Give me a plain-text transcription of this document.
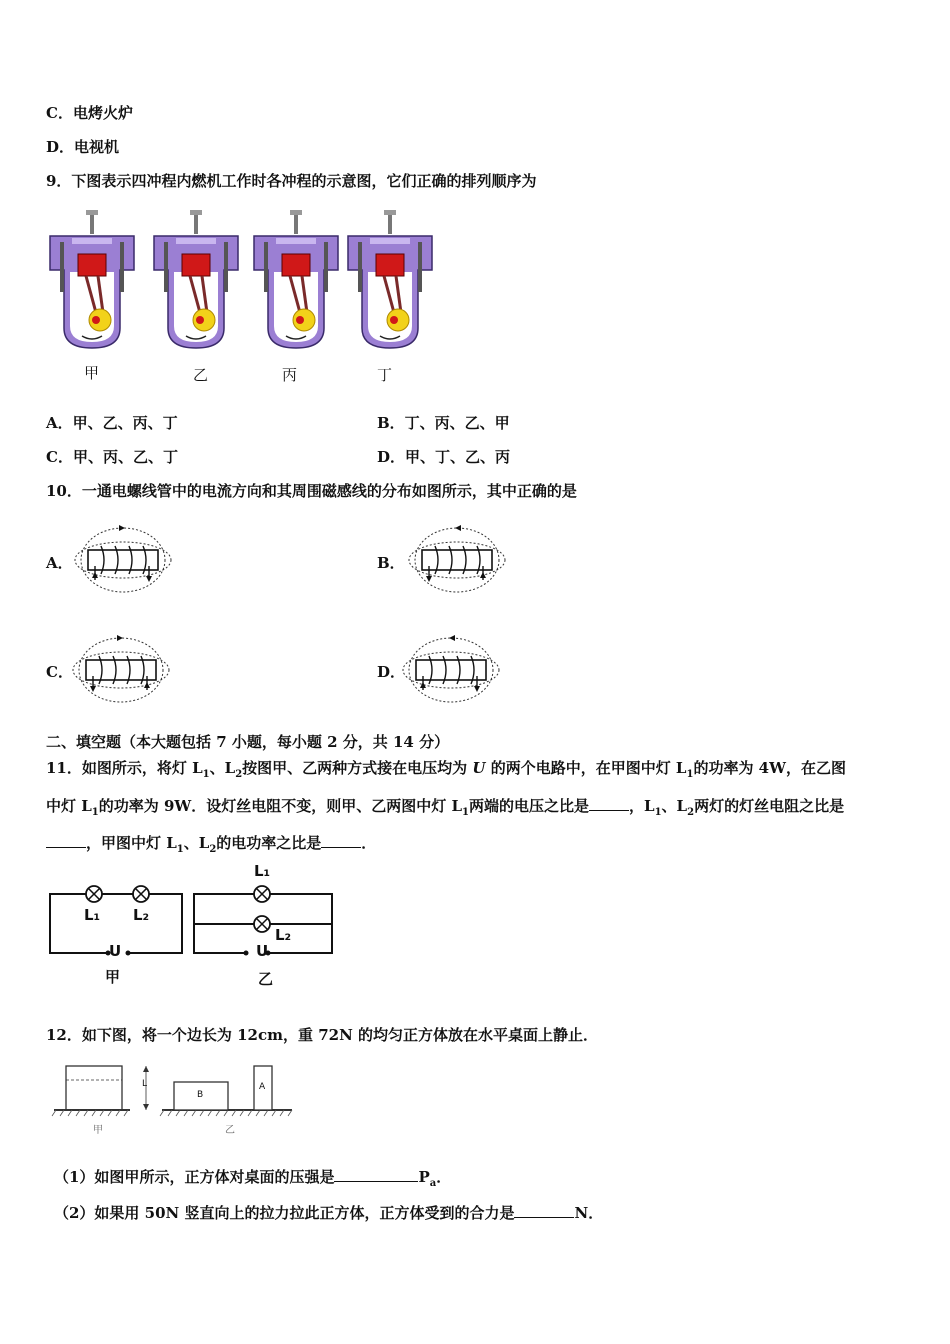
C．电烤火炉
D．电视机
9．下图表示四冲程内燃机工作时各冲程的示意图，它们正确的排列顺序为
甲	乙	丙	丁
A．甲、乙、丙、丁	B．丁、丙、乙、甲
C．甲、丙、乙、丁	D．甲、丁、乙、丙
10．一通电螺线管中的电流方向和其周围磁感线的分布如图所示，其中正确的是
A．	B．
C．	D．
二、填空题（本大题包括 7 小题，每小题 2 分，共 14 分）
11．如图所示，将灯 $L_1$、$L_2$按图甲、乙两种方式接在电压均为 U 的两个电路中，在甲图中灯 $L_1$的功率为 4W，在乙图
中灯 $L_1$的功率为 9W．设灯丝电阻不变，则甲、乙两图中灯 $L_1$两端的电压之比是	，$L_1$、$L_2$两灯的灯丝电阻之比是
，甲图中灯 $L_1$、$L_2$的电功率之比是	．
L₁ L₂
U
甲
L₁
L₂
U
乙
12．如下图，将一个边长为 12cm，重 72N 的均匀正方体放在水平桌面上静止．
L
B
A
甲	乙
（1）如图甲所示，正方体对桌面的压强是	$P_a$．
（2）如果用 50N 竖直向上的拉力拉此正方体，正方体受到的合力是	N．
